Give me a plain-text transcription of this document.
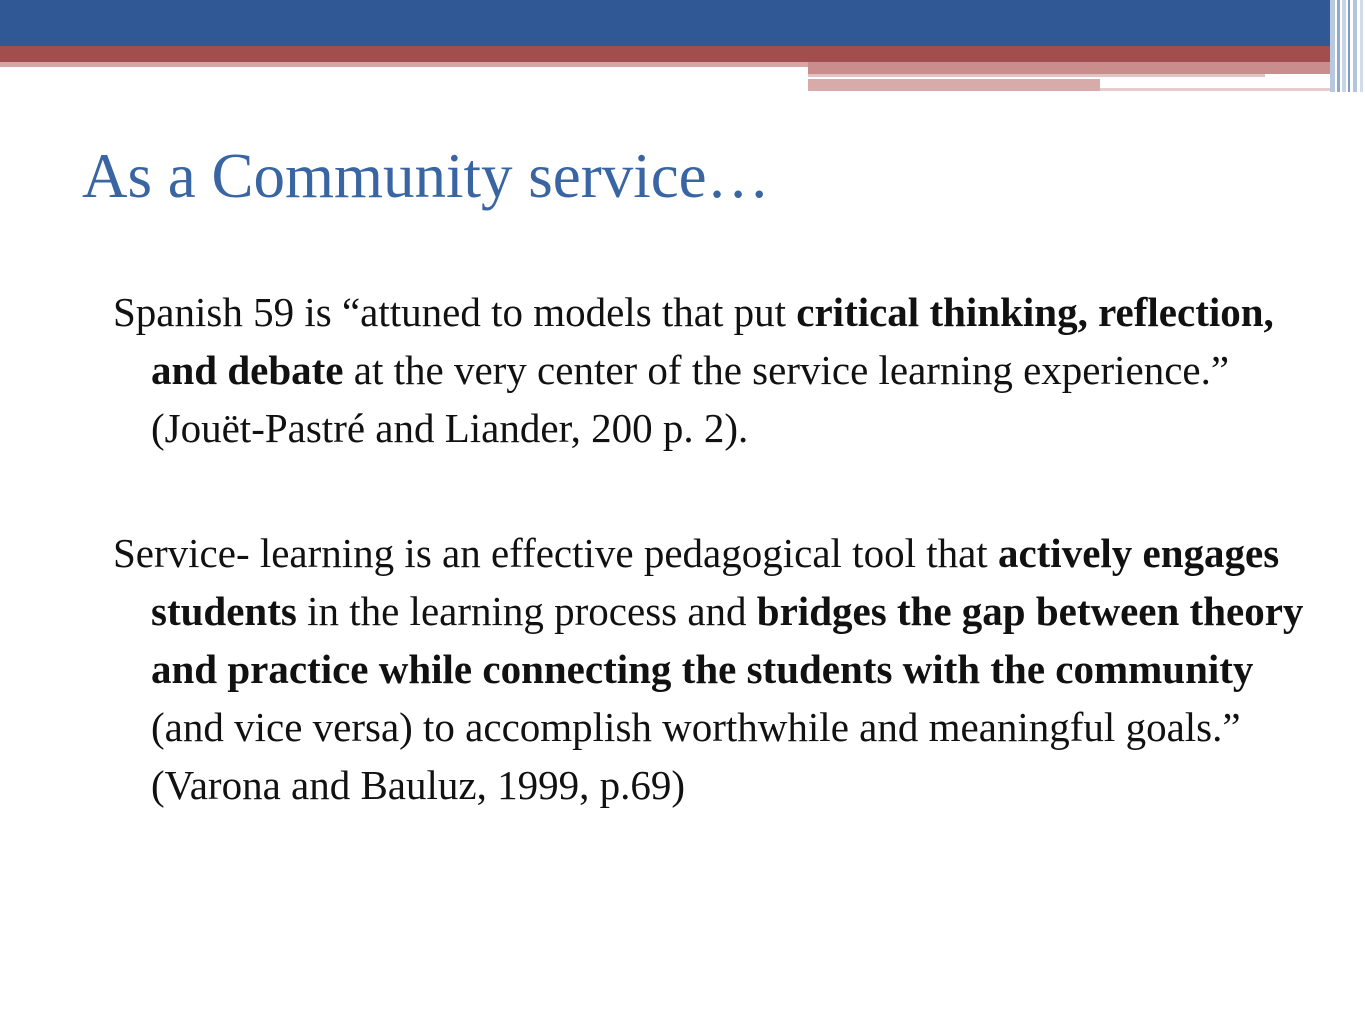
As a Community service…

Spanish 59 is “attuned to models that put critical thinking, reflection, and debate at the very center of the service learning experience.” (Jouët-Pastré and Liander, 200 p. 2).

Service- learning is an effective pedagogical tool that actively engages students in the learning process and bridges the gap between theory and practice while connecting the students with the community (and vice versa) to accomplish worthwhile and meaningful goals.” (Varona and Bauluz, 1999, p.69)
